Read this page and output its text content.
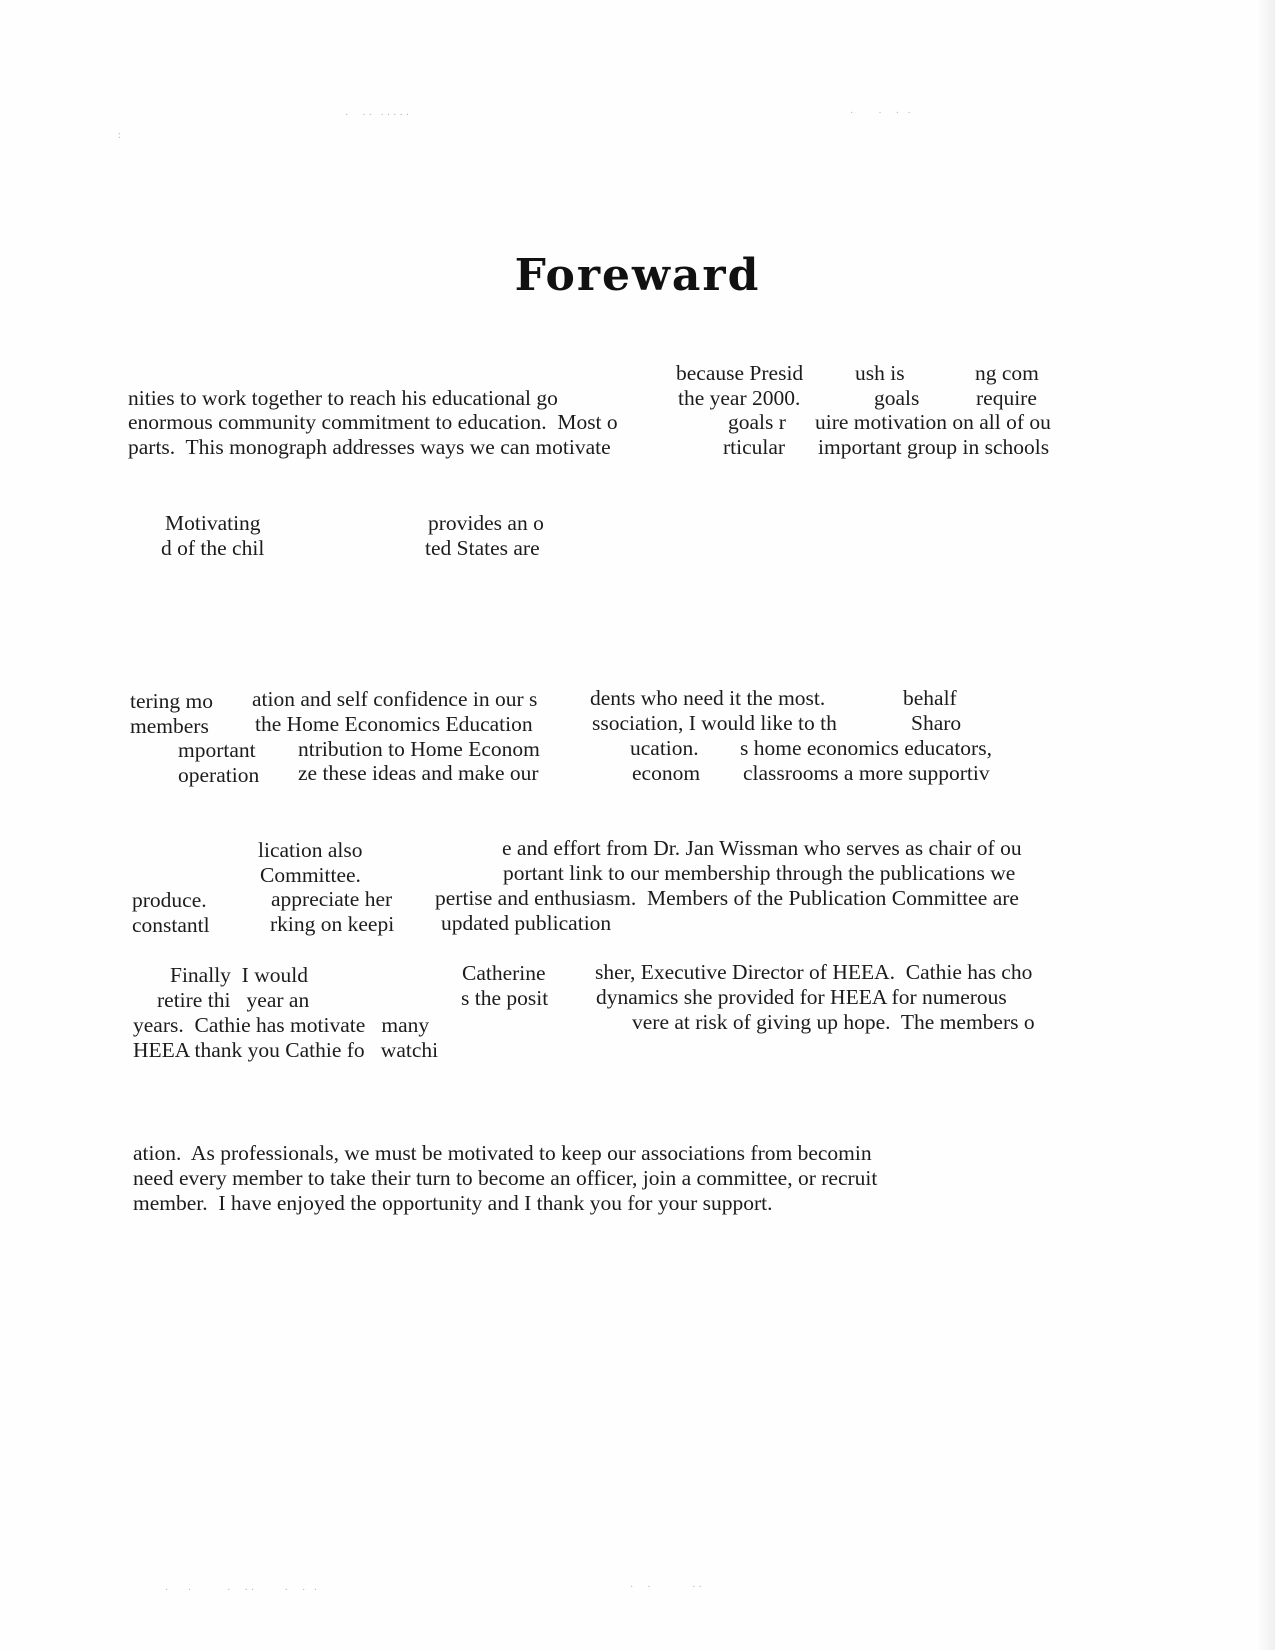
·  ·· ·····	·    ·  · ·
:
·   ·      ·  ··     ·  · ·	·  ·       ··
Foreward
because Presid ush is	ng com
nities to work together to reach his educational go	the year 2000.	goals	require
enormous community commitment to education.  Most o	goals r uire motivation on all of ou
parts.  This monograph addresses ways we can motivate	rticular important group in schools
Motivating	provides an o
d of the chil	ted States are
tering mo ation and self confidence in our s dents who need it the most.	behalf
members the Home Economics Education	ssociation, I would like to th	Sharo
mportant ntribution to Home Econom	ucation. s home economics educators,
operation ze these ideas and make our	econom classrooms a more supportiv
lication also	e and effort from Dr. Jan Wissman who serves as chair of ou
Committee.	portant link to our membership through the publications we
produce.	appreciate her pertise and enthusiasm.  Members of the Publication Committee are
constantl	rking on keepi updated publication
Finally  I would	Catherine sher, Executive Director of HEEA.  Cathie has cho
retire thi   year an	s the posit dynamics she provided for HEEA for numerous
years.  Cathie has motivate   many	vere at risk of giving up hope.  The members o
HEEA thank you Cathie fo   watchi
ation.  As professionals, we must be motivated to keep our associations from becomin
need every member to take their turn to become an officer, join a committee, or recruit
member.  I have enjoyed the opportunity and I thank you for your support.
